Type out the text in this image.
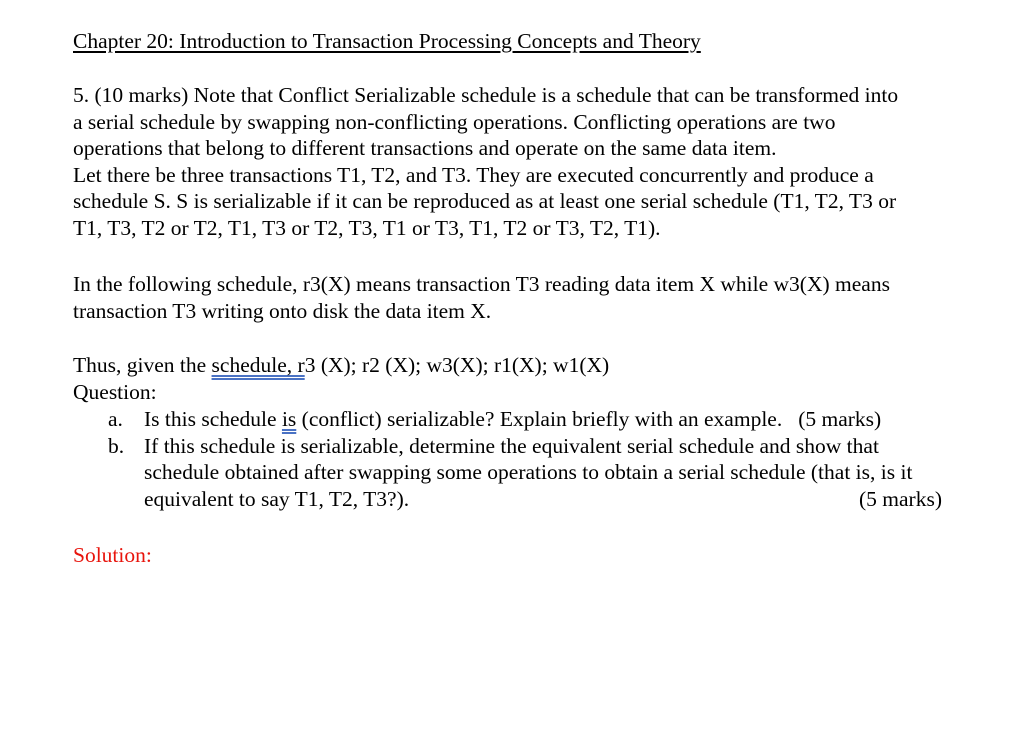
Chapter 20: Introduction to Transaction Processing Concepts and Theory

5. (10 marks) Note that Conflict Serializable schedule is a schedule that can be transformed into

a serial schedule by swapping non-conflicting operations. Conflicting operations are two

operations that belong to different transactions and operate on the same data item.

Let there be three transactions T1, T2, and T3. They are executed concurrently and produce a

schedule S. S is serializable if it can be reproduced as at least one serial schedule (T1, T2, T3 or

T1, T3, T2 or T2, T1, T3 or T2, T3, T1 or T3, T1, T2 or T3, T2, T1).

In the following schedule, r3(X) means transaction T3 reading data item X while w3(X) means

transaction T3 writing onto disk the data item X.

Thus, given the schedule, r3 (X); r2 (X); w3(X); r1(X); w1(X)

Question:

a. Is this schedule is (conflict) serializable? Explain briefly with an example. (5 marks)
b. If this schedule is serializable, determine the equivalent serial schedule and show that
schedule obtained after swapping some operations to obtain a serial schedule (that is, is it
equivalent to say T1, T2, T3?).	(5 marks)

Solution:
